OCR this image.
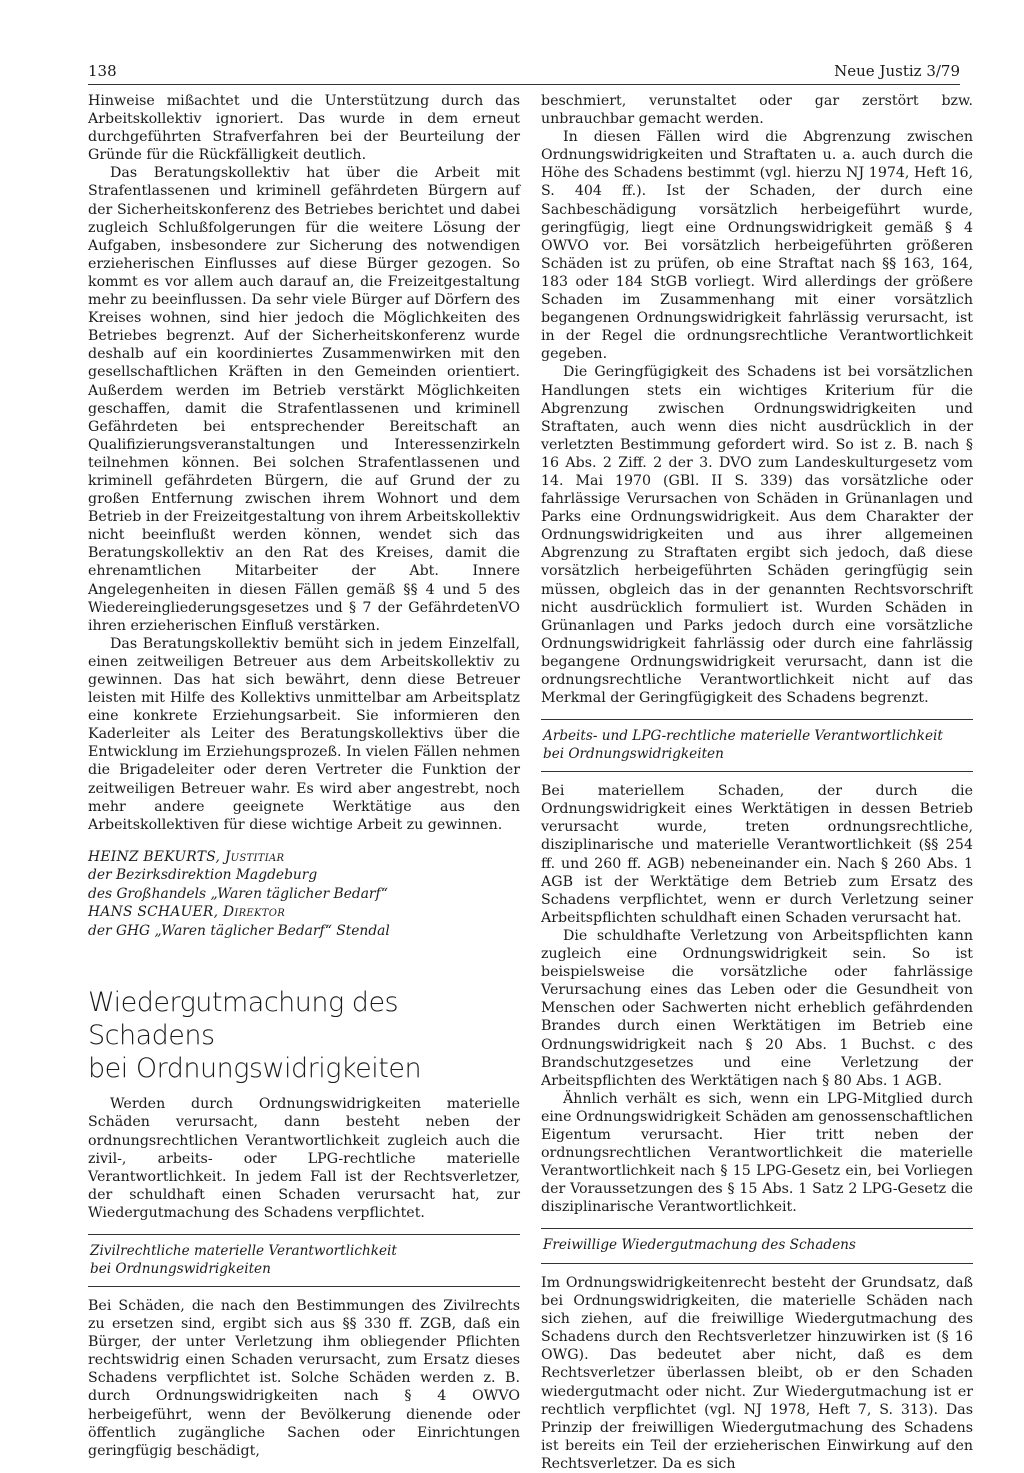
138	Neue Justiz 3/79

Hinweise mißachtet und die Unterstützung durch das Arbeitskollektiv ignoriert. Das wurde in dem erneut durchgeführten Strafverfahren bei der Beurteilung der Gründe für die Rückfälligkeit deutlich.

Das Beratungskollektiv hat über die Arbeit mit Strafentlassenen und kriminell gefährdeten Bürgern auf der Sicherheitskonferenz des Betriebes berichtet und dabei zugleich Schlußfolgerungen für die weitere Lösung der Aufgaben, insbesondere zur Sicherung des notwendigen erzieherischen Einflusses auf diese Bürger gezogen. So kommt es vor allem auch darauf an, die Freizeitgestaltung mehr zu beeinflussen. Da sehr viele Bürger auf Dörfern des Kreises wohnen, sind hier jedoch die Möglichkeiten des Betriebes begrenzt. Auf der Sicherheitskonferenz wurde deshalb auf ein koordiniertes Zusammenwirken mit den gesellschaftlichen Kräften in den Gemeinden orientiert. Außerdem werden im Betrieb verstärkt Möglichkeiten geschaffen, damit die Strafentlassenen und kriminell Gefährdeten bei entsprechender Bereitschaft an Qualifizierungsveranstaltungen und Interessenzirkeln teilnehmen können. Bei solchen Strafentlassenen und kriminell gefährdeten Bürgern, die auf Grund der zu großen Entfernung zwischen ihrem Wohnort und dem Betrieb in der Freizeitgestaltung von ihrem Arbeitskollektiv nicht beeinflußt werden können, wendet sich das Beratungskollektiv an den Rat des Kreises, damit die ehrenamtlichen Mitarbeiter der Abt. Innere Angelegenheiten in diesen Fällen gemäß §§ 4 und 5 des Wiedereingliederungsgesetzes und § 7 der GefährdetenVO ihren erzieherischen Einfluß verstärken.

Das Beratungskollektiv bemüht sich in jedem Einzelfall, einen zeitweiligen Betreuer aus dem Arbeitskollektiv zu gewinnen. Das hat sich bewährt, denn diese Betreuer leisten mit Hilfe des Kollektivs unmittelbar am Arbeitsplatz eine konkrete Erziehungsarbeit. Sie informieren den Kaderleiter als Leiter des Beratungskollektivs über die Entwicklung im Erziehungsprozeß. In vielen Fällen nehmen die Brigadeleiter oder deren Vertreter die Funktion der zeitweiligen Betreuer wahr. Es wird aber angestrebt, noch mehr andere geeignete Werktätige aus den Arbeitskollektiven für diese wichtige Arbeit zu gewinnen.

HEINZ BEKURTS, Justitiar
der Bezirksdirektion Magdeburg
des Großhandels „Waren täglicher Bedarf“
HANS SCHAUER, Direktor
der GHG „Waren täglicher Bedarf“ Stendal
Wiedergutmachung des Schadens
bei Ordnungswidrigkeiten

Werden durch Ordnungswidrigkeiten materielle Schäden verursacht, dann besteht neben der ordnungsrechtlichen Verantwortlichkeit zugleich auch die zivil-, arbeits- oder LPG-rechtliche materielle Verantwortlichkeit. In jedem Fall ist der Rechtsverletzer, der schuldhaft einen Schaden verursacht hat, zur Wiedergutmachung des Schadens verpflichtet.

Zivilrechtliche materielle Verantwortlichkeit
bei Ordnungswidrigkeiten

Bei Schäden, die nach den Bestimmungen des Zivilrechts zu ersetzen sind, ergibt sich aus §§ 330 ff. ZGB, daß ein Bürger, der unter Verletzung ihm obliegender Pflichten rechtswidrig einen Schaden verursacht, zum Ersatz dieses Schadens verpflichtet ist. Solche Schäden werden z. B. durch Ordnungswidrigkeiten nach § 4 OWVO herbeigeführt, wenn der Bevölkerung dienende oder öffentlich zugängliche Sachen oder Einrichtungen geringfügig beschädigt,

beschmiert, verunstaltet oder gar zerstört bzw. unbrauchbar gemacht werden.

In diesen Fällen wird die Abgrenzung zwischen Ordnungswidrigkeiten und Straftaten u. a. auch durch die Höhe des Schadens bestimmt (vgl. hierzu NJ 1974, Heft 16, S. 404 ff.). Ist der Schaden, der durch eine Sachbeschädigung vorsätzlich herbeigeführt wurde, geringfügig, liegt eine Ordnungswidrigkeit gemäß § 4 OWVO vor. Bei vorsätzlich herbeigeführten größeren Schäden ist zu prüfen, ob eine Straftat nach §§ 163, 164, 183 oder 184 StGB vorliegt. Wird allerdings der größere Schaden im Zusammenhang mit einer vorsätzlich begangenen Ordnungswidrigkeit fahrlässig verursacht, ist in der Regel die ordnungsrechtliche Verantwortlichkeit gegeben.

Die Geringfügigkeit des Schadens ist bei vorsätzlichen Handlungen stets ein wichtiges Kriterium für die Abgrenzung zwischen Ordnungswidrigkeiten und Straftaten, auch wenn dies nicht ausdrücklich in der verletzten Bestimmung gefordert wird. So ist z. B. nach § 16 Abs. 2 Ziff. 2 der 3. DVO zum Landeskulturgesetz vom 14. Mai 1970 (GBl. II S. 339) das vorsätzliche oder fahrlässige Verursachen von Schäden in Grünanlagen und Parks eine Ordnungswidrigkeit. Aus dem Charakter der Ordnungswidrigkeiten und aus ihrer allgemeinen Abgrenzung zu Straftaten ergibt sich jedoch, daß diese vorsätzlich herbeigeführten Schäden geringfügig sein müssen, obgleich das in der genannten Rechtsvorschrift nicht ausdrücklich formuliert ist. Wurden Schäden in Grünanlagen und Parks jedoch durch eine vorsätzliche Ordnungswidrigkeit fahrlässig oder durch eine fahrlässig begangene Ordnungswidrigkeit verursacht, dann ist die ordnungsrechtliche Verantwortlichkeit nicht auf das Merkmal der Geringfügigkeit des Schadens begrenzt.

Arbeits- und LPG-rechtliche materielle Verantwortlichkeit
bei Ordnungswidrigkeiten

Bei materiellem Schaden, der durch die Ordnungswidrigkeit eines Werktätigen in dessen Betrieb verursacht wurde, treten ordnungsrechtliche, disziplinarische und materielle Verantwortlichkeit (§§ 254 ff. und 260 ff. AGB) nebeneinander ein. Nach § 260 Abs. 1 AGB ist der Werktätige dem Betrieb zum Ersatz des Schadens verpflichtet, wenn er durch Verletzung seiner Arbeitspflichten schuldhaft einen Schaden verursacht hat.

Die schuldhafte Verletzung von Arbeitspflichten kann zugleich eine Ordnungswidrigkeit sein. So ist beispielsweise die vorsätzliche oder fahrlässige Verursachung eines das Leben oder die Gesundheit von Menschen oder Sachwerten nicht erheblich gefährdenden Brandes durch einen Werktätigen im Betrieb eine Ordnungswidrigkeit nach § 20 Abs. 1 Buchst. c des Brandschutzgesetzes und eine Verletzung der Arbeitspflichten des Werktätigen nach § 80 Abs. 1 AGB.

Ähnlich verhält es sich, wenn ein LPG-Mitglied durch eine Ordnungswidrigkeit Schäden am genossenschaftlichen Eigentum verursacht. Hier tritt neben der ordnungsrechtlichen Verantwortlichkeit die materielle Verantwortlichkeit nach § 15 LPG-Gesetz ein, bei Vorliegen der Voraussetzungen des § 15 Abs. 1 Satz 2 LPG-Gesetz die disziplinarische Verantwortlichkeit.

Freiwillige Wiedergutmachung des Schadens

Im Ordnungswidrigkeitenrecht besteht der Grundsatz, daß bei Ordnungswidrigkeiten, die materielle Schäden nach sich ziehen, auf die freiwillige Wiedergutmachung des Schadens durch den Rechtsverletzer hinzuwirken ist (§ 16 OWG). Das bedeutet aber nicht, daß es dem Rechtsverletzer überlassen bleibt, ob er den Schaden wiedergutmacht oder nicht. Zur Wiedergutmachung ist er rechtlich verpflichtet (vgl. NJ 1978, Heft 7, S. 313). Das Prinzip der freiwilligen Wiedergutmachung des Schadens ist bereits ein Teil der erzieherischen Einwirkung auf den Rechtsverletzer. Da es sich
